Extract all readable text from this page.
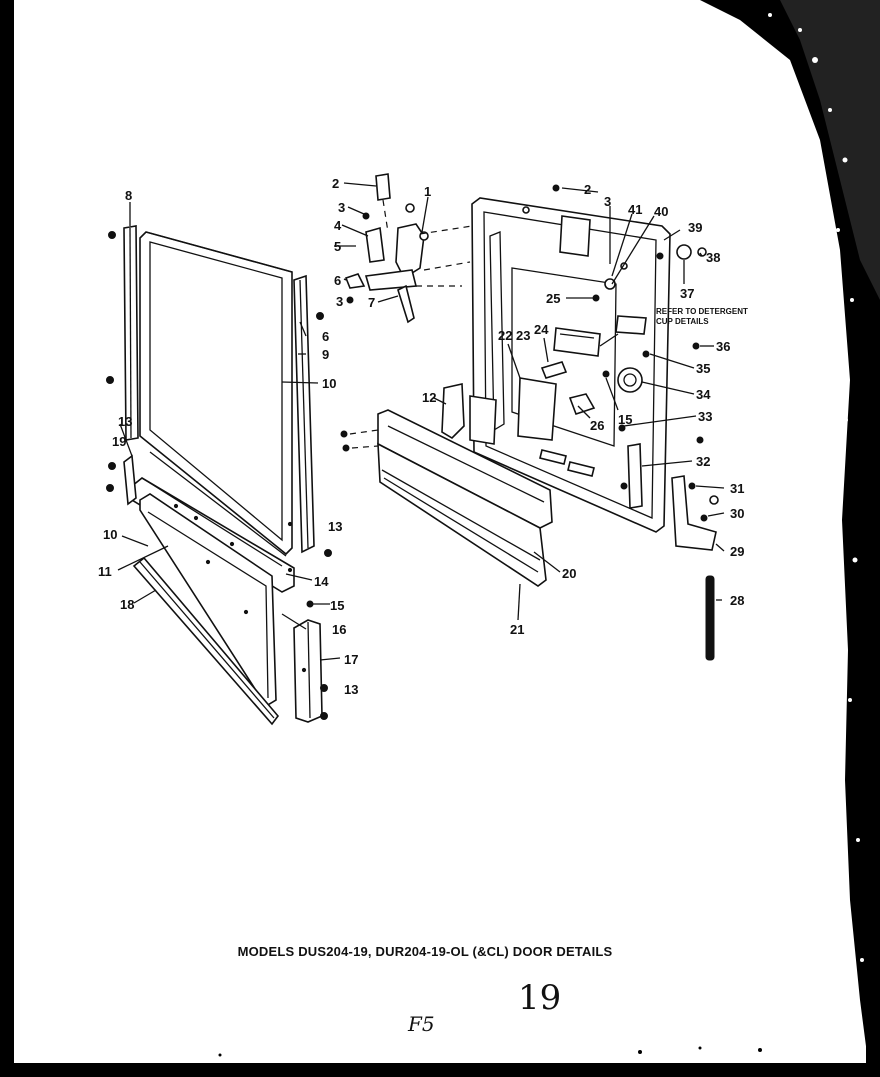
2
3
4
5
6
3 7
1
8
13
19
6
9
10
10
11
18
13
14
15
16
17
13
2
3
41 40
39
38
37
25
REFER TO DETERGENT
CUP DETAILS
24
22 23
36
35
34
12
15
26
33
32
31
30
29
28
20
21
MODELS DUS204-19, DUR204-19-OL (&CL) DOOR DETAILS
19
F5
